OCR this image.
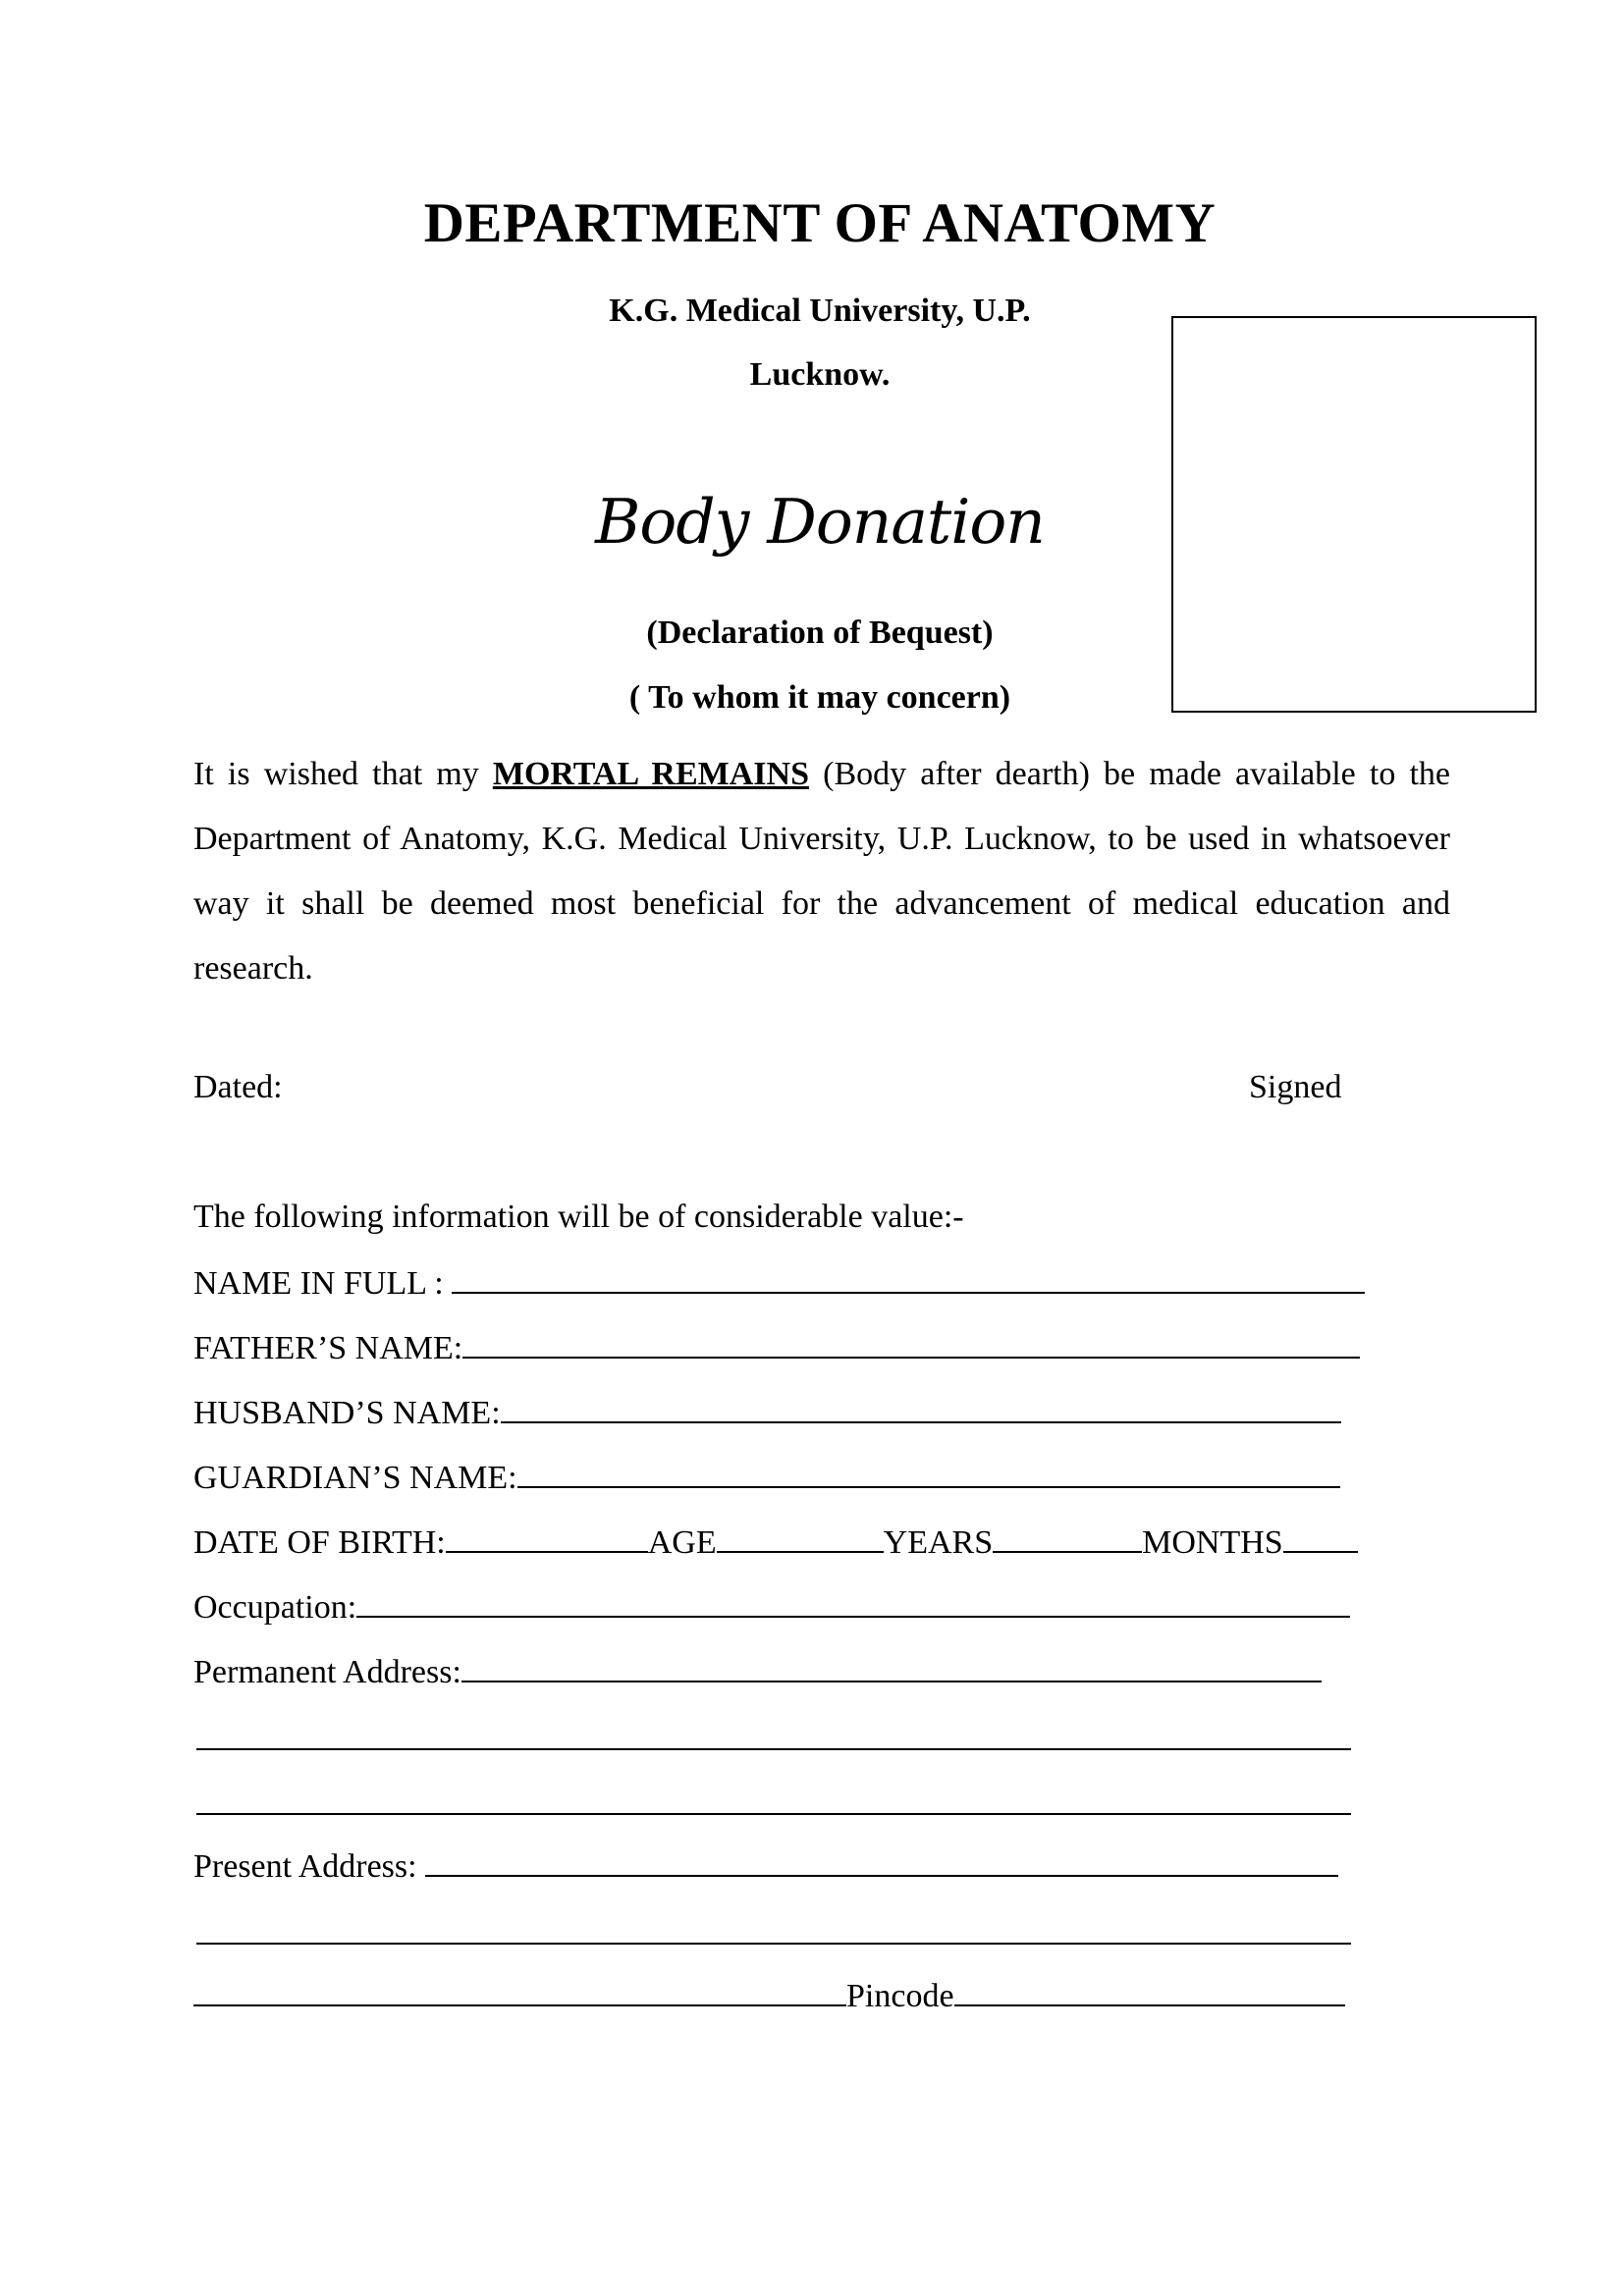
DEPARTMENT OF ANATOMY
K.G. Medical University, U.P.
Lucknow.
Body Donation
(Declaration of Bequest)
( To whom it may concern)
It is wished that my MORTAL REMAINS (Body after dearth) be made available to the Department of Anatomy, K.G. Medical University, U.P. Lucknow, to be used in whatsoever way it shall be deemed most beneficial for the advancement of medical education and research.
Dated:	Signed
The following information will be of considerable value:-
NAME IN FULL :
FATHER’S NAME:
HUSBAND’S NAME:
GUARDIAN’S NAME:
DATE OF BIRTH:	AGE	YEARS	MONTHS
Occupation:
Permanent Address:
Present Address:
Pincode
